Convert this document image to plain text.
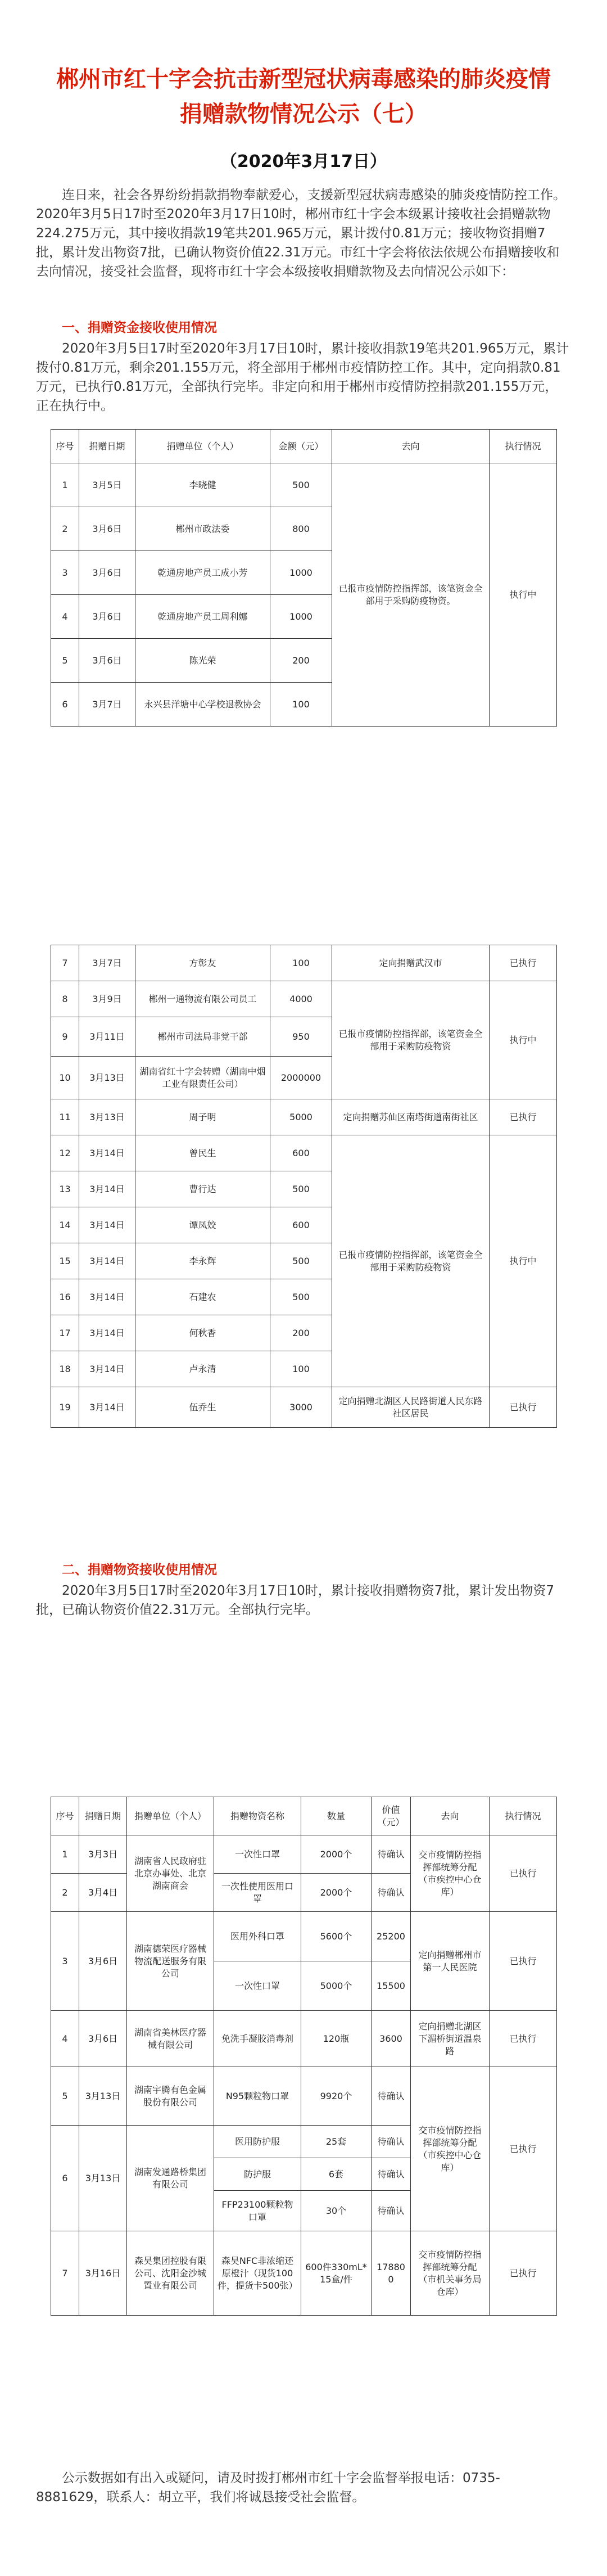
郴州市红十字会抗击新型冠状病毒感染的肺炎疫情捐赠款物情况公示（七）
（2020年3月17日）
连日来，社会各界纷纷捐款捐物奉献爱心，支援新型冠状病毒感染的肺炎疫情防控工作。2020年3月5日17时至2020年3月17日10时，郴州市红十字会本级累计接收社会捐赠款物224.275万元，其中接收捐款19笔共201.965万元，累计拨付0.81万元；接收物资捐赠7批，累计发出物资7批，已确认物资价值22.31万元。市红十字会将依法依规公布捐赠接收和去向情况，接受社会监督，现将市红十字会本级接收捐赠款物及去向情况公示如下：
一、捐赠资金接收使用情况
2020年3月5日17时至2020年3月17日10时，累计接收捐款19笔共201.965万元，累计拨付0.81万元，剩余201.155万元，将全部用于郴州市疫情防控工作。其中，定向捐款0.81万元，已执行0.81万元，全部执行完毕。非定向和用于郴州市疫情防控捐款201.155万元，正在执行中。
序号	捐赠日期	捐赠单位（个人）	金额（元）	去向	执行情况
1	3月5日	李晓健	500	已报市疫情防控指挥部，该笔资金全部用于采购防疫物资。	执行中
2	3月6日	郴州市政法委	800		
3	3月6日	乾通房地产员工成小芳	1000		
4	3月6日	乾通房地产员工周利娜	1000		
5	3月6日	陈光荣	200		
6	3月7日	永兴县洋塘中心学校退教协会	100		
7	3月7日	方彰友	100	定向捐赠武汉市	已执行
8	3月9日	郴州一通物流有限公司员工	4000	已报市疫情防控指挥部，该笔资金全部用于采购防疫物资	执行中
9	3月11日	郴州市司法局非党干部	950		
10	3月13日	湖南省红十字会转赠（湖南中烟工业有限责任公司）	2000000		
11	3月13日	周子明	5000	定向捐赠苏仙区南塔街道南街社区	已执行
12	3月14日	曾民生	600	已报市疫情防控指挥部，该笔资金全部用于采购防疫物资	执行中
13	3月14日	曹行达	500		
14	3月14日	谭凤姣	600		
15	3月14日	李永辉	500		
16	3月14日	石建农	500		
17	3月14日	何秋香	200		
18	3月14日	卢永清	100		
19	3月14日	伍乔生	3000	定向捐赠北湖区人民路街道人民东路社区居民	已执行
二、捐赠物资接收使用情况
2020年3月5日17时至2020年3月17日10时，累计接收捐赠物资7批，累计发出物资7批，已确认物资价值22.31万元。全部执行完毕。
序号	捐赠日期	捐赠单位（个人）	捐赠物资名称	数量	价值（元）	去向	执行情况
1	3月3日	湖南省人民政府驻北京办事处、北京湖南商会	一次性口罩	2000个	待确认	交市疫情防控指挥部统筹分配（市疾控中心仓库）	已执行
2	3月4日		一次性使用医用口罩	2000个	待确认		
3	3月6日	湖南德荣医疗器械物流配送服务有限公司	医用外科口罩	5600个	25200	定向捐赠郴州市第一人民医院	已执行
			一次性口罩	5000个	15500		
4	3月6日	湖南省美林医疗器械有限公司	免洗手凝胶消毒剂	120瓶	3600	定向捐赠北湖区下湄桥街道温泉路	已执行
5	3月13日	湖南宇腾有色金属股份有限公司	N95颗粒物口罩	9920个	待确认	交市疫情防控指挥部统筹分配（市疾控中心仓库）	已执行
6	3月13日	湖南发通路桥集团有限公司	医用防护服	25套	待确认		
			防护服	6套	待确认		
			FFP23100颗粒物口罩	30个	待确认		
7	3月16日	森昊集团控股有限公司、沈阳金沙城置业有限公司	森昊NFC非浓缩还原橙汁（现货100件，提货卡500张）	600件330mL*15盒/件	178800	交市疫情防控指挥部统筹分配（市机关事务局仓库）	已执行
公示数据如有出入或疑问，请及时拨打郴州市红十字会监督举报电话：0735-8881629，联系人：胡立平，我们将诚恳接受社会监督。
